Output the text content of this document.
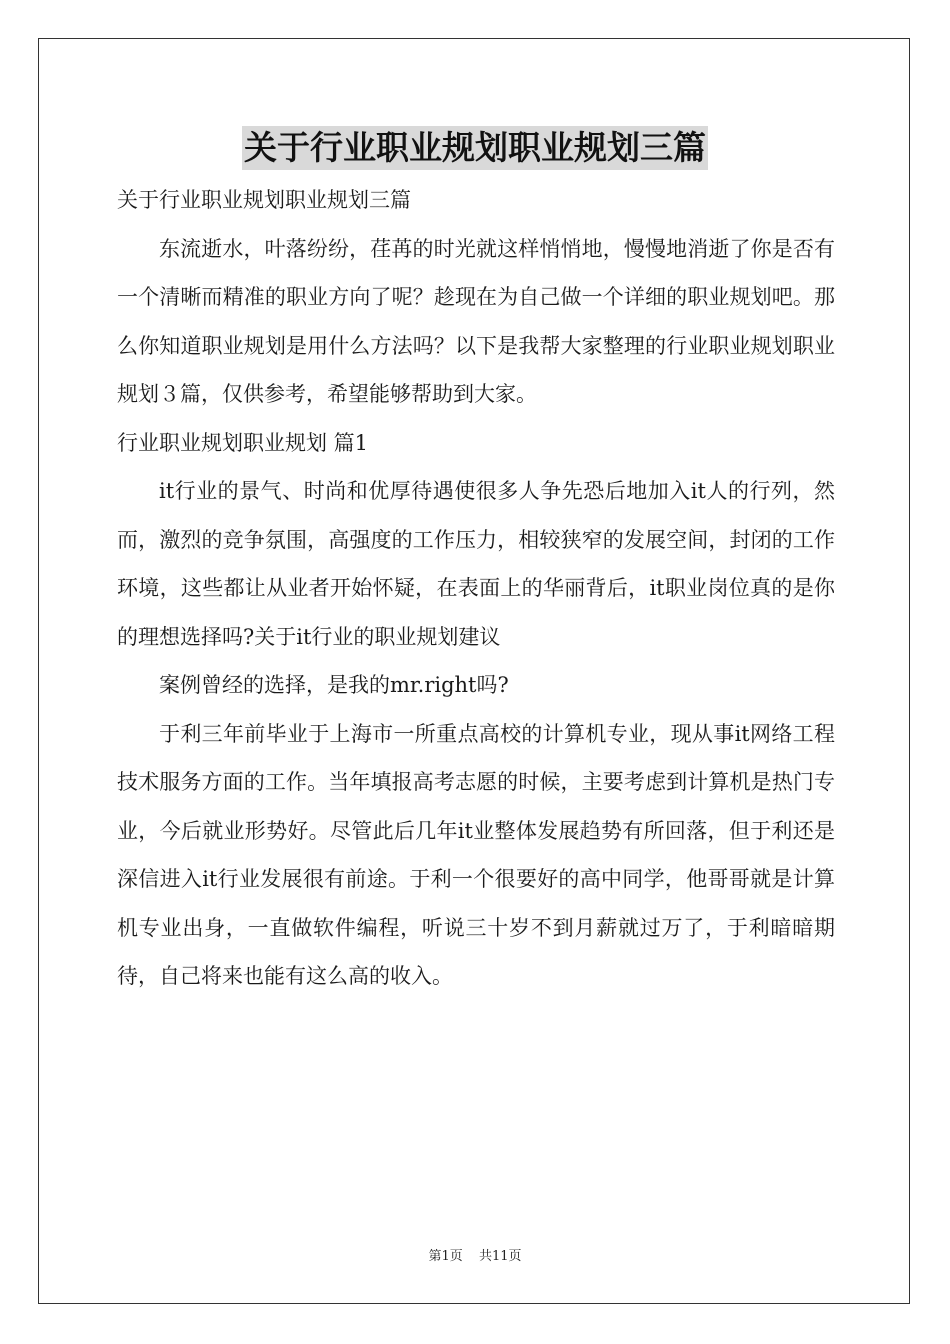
关于行业职业规划职业规划三篇

关于行业职业规划职业规划三篇

东流逝水，叶落纷纷，荏苒的时光就这样悄悄地，慢慢地消逝了你是否有一个清晰而精准的职业方向了呢？趁现在为自己做一个详细的职业规划吧。那么你知道职业规划是用什么方法吗？以下是我帮大家整理的行业职业规划职业规划３篇，仅供参考，希望能够帮助到大家。

行业职业规划职业规划 篇1

it行业的景气、时尚和优厚待遇使很多人争先恐后地加入it人的行列，然而，激烈的竞争氛围，高强度的工作压力，相较狭窄的发展空间，封闭的工作环境，这些都让从业者开始怀疑，在表面上的华丽背后，it职业岗位真的是你的理想选择吗?关于it行业的职业规划建议

案例曾经的选择，是我的mr.right吗?

于利三年前毕业于上海市一所重点高校的计算机专业，现从事it网络工程技术服务方面的工作。当年填报高考志愿的时候，主要考虑到计算机是热门专业，今后就业形势好。尽管此后几年it业整体发展趋势有所回落，但于利还是深信进入it行业发展很有前途。于利一个很要好的高中同学，他哥哥就是计算机专业出身，一直做软件编程，听说三十岁不到月薪就过万了，于利暗暗期待，自己将来也能有这么高的收入。

第1页 共11页
